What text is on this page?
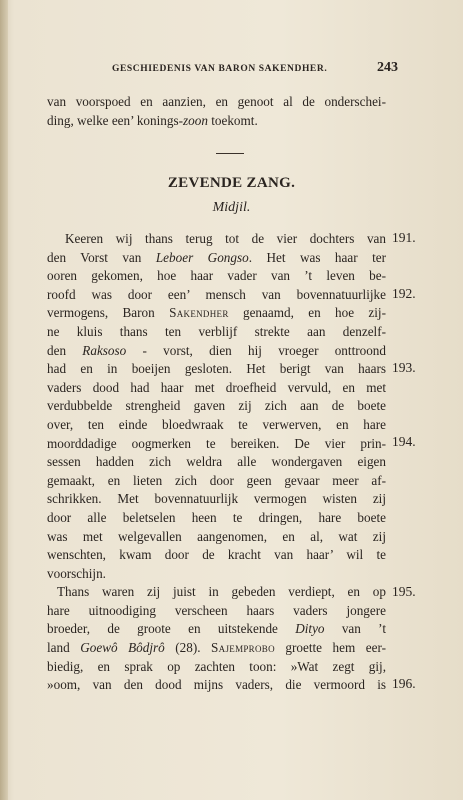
GESCHIEDENIS VAN BARON SAKENDHER.	243
van voorspoed en aanzien, en genoot al de onderschei-
ding, welke een’ konings-zoon toekomt.
ZEVENDE ZANG.
Midjil.
Keeren wij thans terug tot de vier dochters van
den Vorst van Leboer Gongso. Het was haar ter
ooren gekomen, hoe haar vader van ’t leven be-
roofd was door een’ mensch van bovennatuurlijke
vermogens, Baron Sakendher genaamd, en hoe zij-
ne kluis thans ten verblijf strekte aan denzelf-
den Raksoso - vorst, dien hij vroeger onttroond
had en in boeijen gesloten. Het berigt van haars
vaders dood had haar met droefheid vervuld, en met
verdubbelde strengheid gaven zij zich aan de boete
over, ten einde bloedwraak te verwerven, en hare
moorddadige oogmerken te bereiken. De vier prin-
sessen hadden zich weldra alle wondergaven eigen
gemaakt, en lieten zich door geen gevaar meer af-
schrikken. Met bovennatuurlijk vermogen wisten zij
door alle beletselen heen te dringen, hare boete
was met welgevallen aangenomen, en al, wat zij
wenschten, kwam door de kracht van haar’ wil te
voorschijn.
Thans waren zij juist in gebeden verdiept, en op
hare uitnoodiging verscheen haars vaders jongere
broeder, de groote en uitstekende Dityo van ’t
land Goewô Bôdjrô (28). Sajemprobo groette hem eer-
biedig, en sprak op zachten toon: »Wat zegt gij,
»oom, van den dood mijns vaders, die vermoord is
191.
192.
193.
194.
195.
196.
